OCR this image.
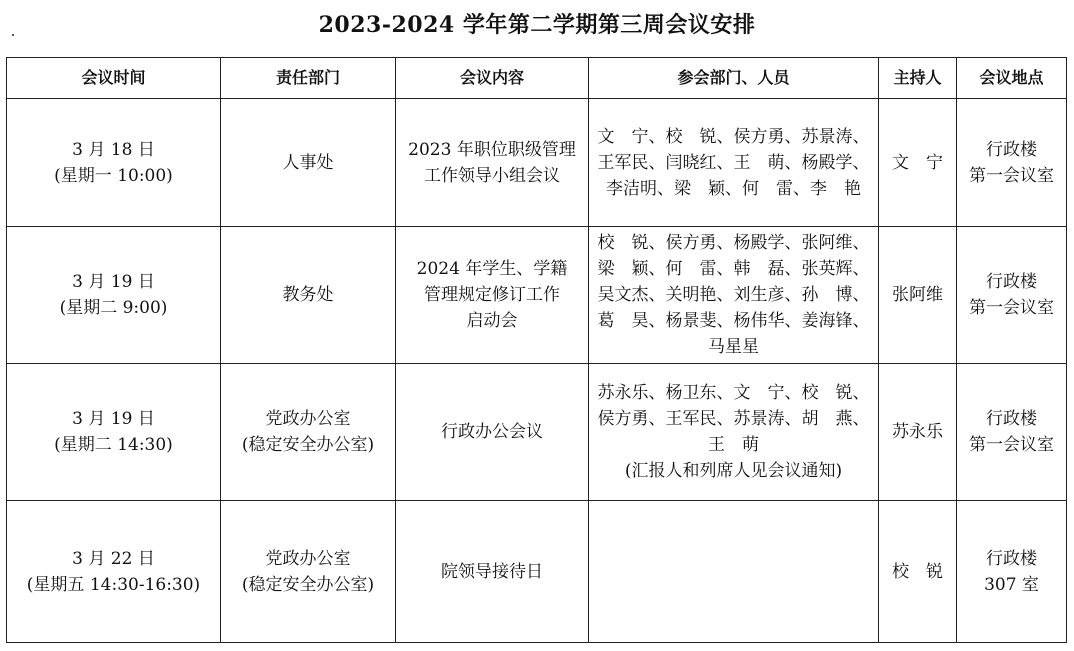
2023-2024 学年第二学期第三周会议安排
会议时间	责任部门	会议内容	参会部门、人员	主持人	会议地点

3 月 18 日
(星期一 10:00)	人事处	2023 年职位职级管理
工作领导小组会议	文　宁、校　锐、侯方勇、苏景涛、
王军民、闫晓红、王　萌、杨殿学、
李洁明、梁　颖、何　雷、李　艳	文　宁	行政楼
第一会议室

3 月 19 日
(星期二 9:00)	教务处	2024 年学生、学籍
管理规定修订工作
启动会	校　锐、侯方勇、杨殿学、张阿维、
梁　颖、何　雷、韩　磊、张英辉、
吴文杰、关明艳、刘生彦、孙　博、
葛　昊、杨景斐、杨伟华、姜海锋、
马星星	张阿维	行政楼
第一会议室

3 月 19 日
(星期二 14:30)	党政办公室
(稳定安全办公室)	行政办公会议	苏永乐、杨卫东、文　宁、校　锐、
侯方勇、王军民、苏景涛、胡　燕、
王　萌
(汇报人和列席人见会议通知)	苏永乐	行政楼
第一会议室

3 月 22 日
(星期五 14:30-16:30)	党政办公室
(稳定安全办公室)	院领导接待日		校　锐	行政楼
307 室
